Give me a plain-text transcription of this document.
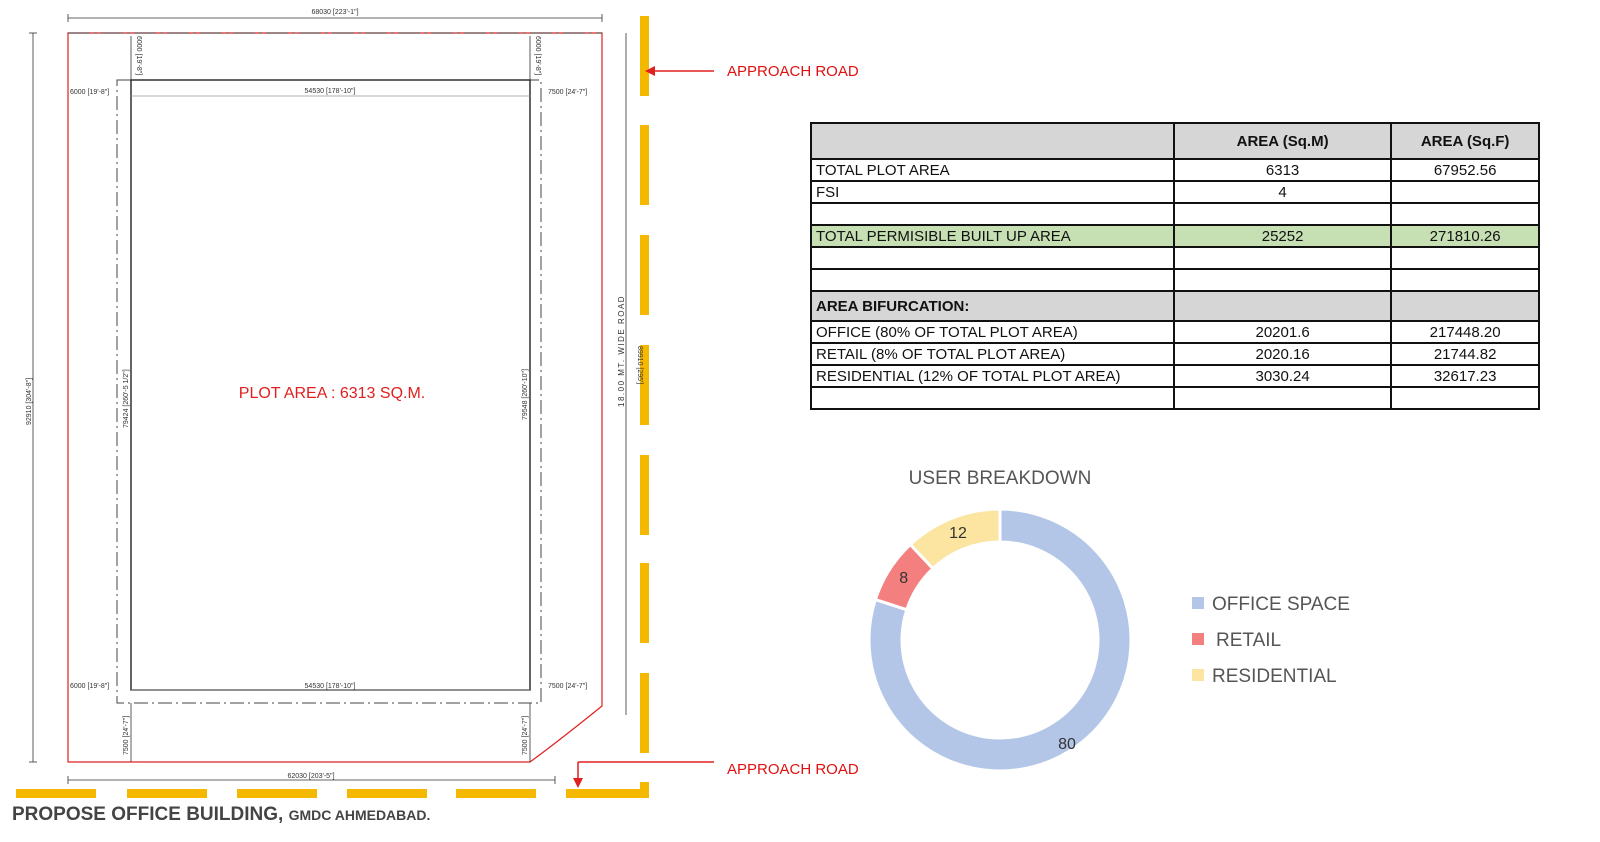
68030 [223'-1"]
54530 [178'-10"]
54530 [178'-10"]
62030 [203'-5"]
6000 [19'-8"]
6000 [19'-8"]
7500 [24'-7"]
7500 [24'-7"]
6000 [19'-8"]	6000 [19'-8"]
7500 [24'-7"]	7500 [24'-7"]
92910 [304'-8"]	79424 [260'-5 1/2"]	79548 [260'-10"]
89910 [295']
18.00 MT. WIDE ROAD
PLOT AREA : 6313 SQ.M.
APPROACH ROAD
APPROACH ROAD
	AREA (Sq.M)	AREA (Sq.F)
TOTAL PLOT AREA	6313	67952.56
FSI	4	

TOTAL PERMISIBLE BUILT UP AREA	25252	271810.26

AREA BIFURCATION:		
OFFICE (80% OF TOTAL PLOT AREA)	20201.6	217448.20
RETAIL (8% OF TOTAL PLOT AREA)	2020.16	21744.82
RESIDENTIAL (12% OF TOTAL PLOT AREA)	3030.24	32617.23

USER BREAKDOWN
80
8
12
OFFICE SPACE
RETAIL
RESIDENTIAL
PROPOSE OFFICE BUILDING, GMDC AHMEDABAD.
